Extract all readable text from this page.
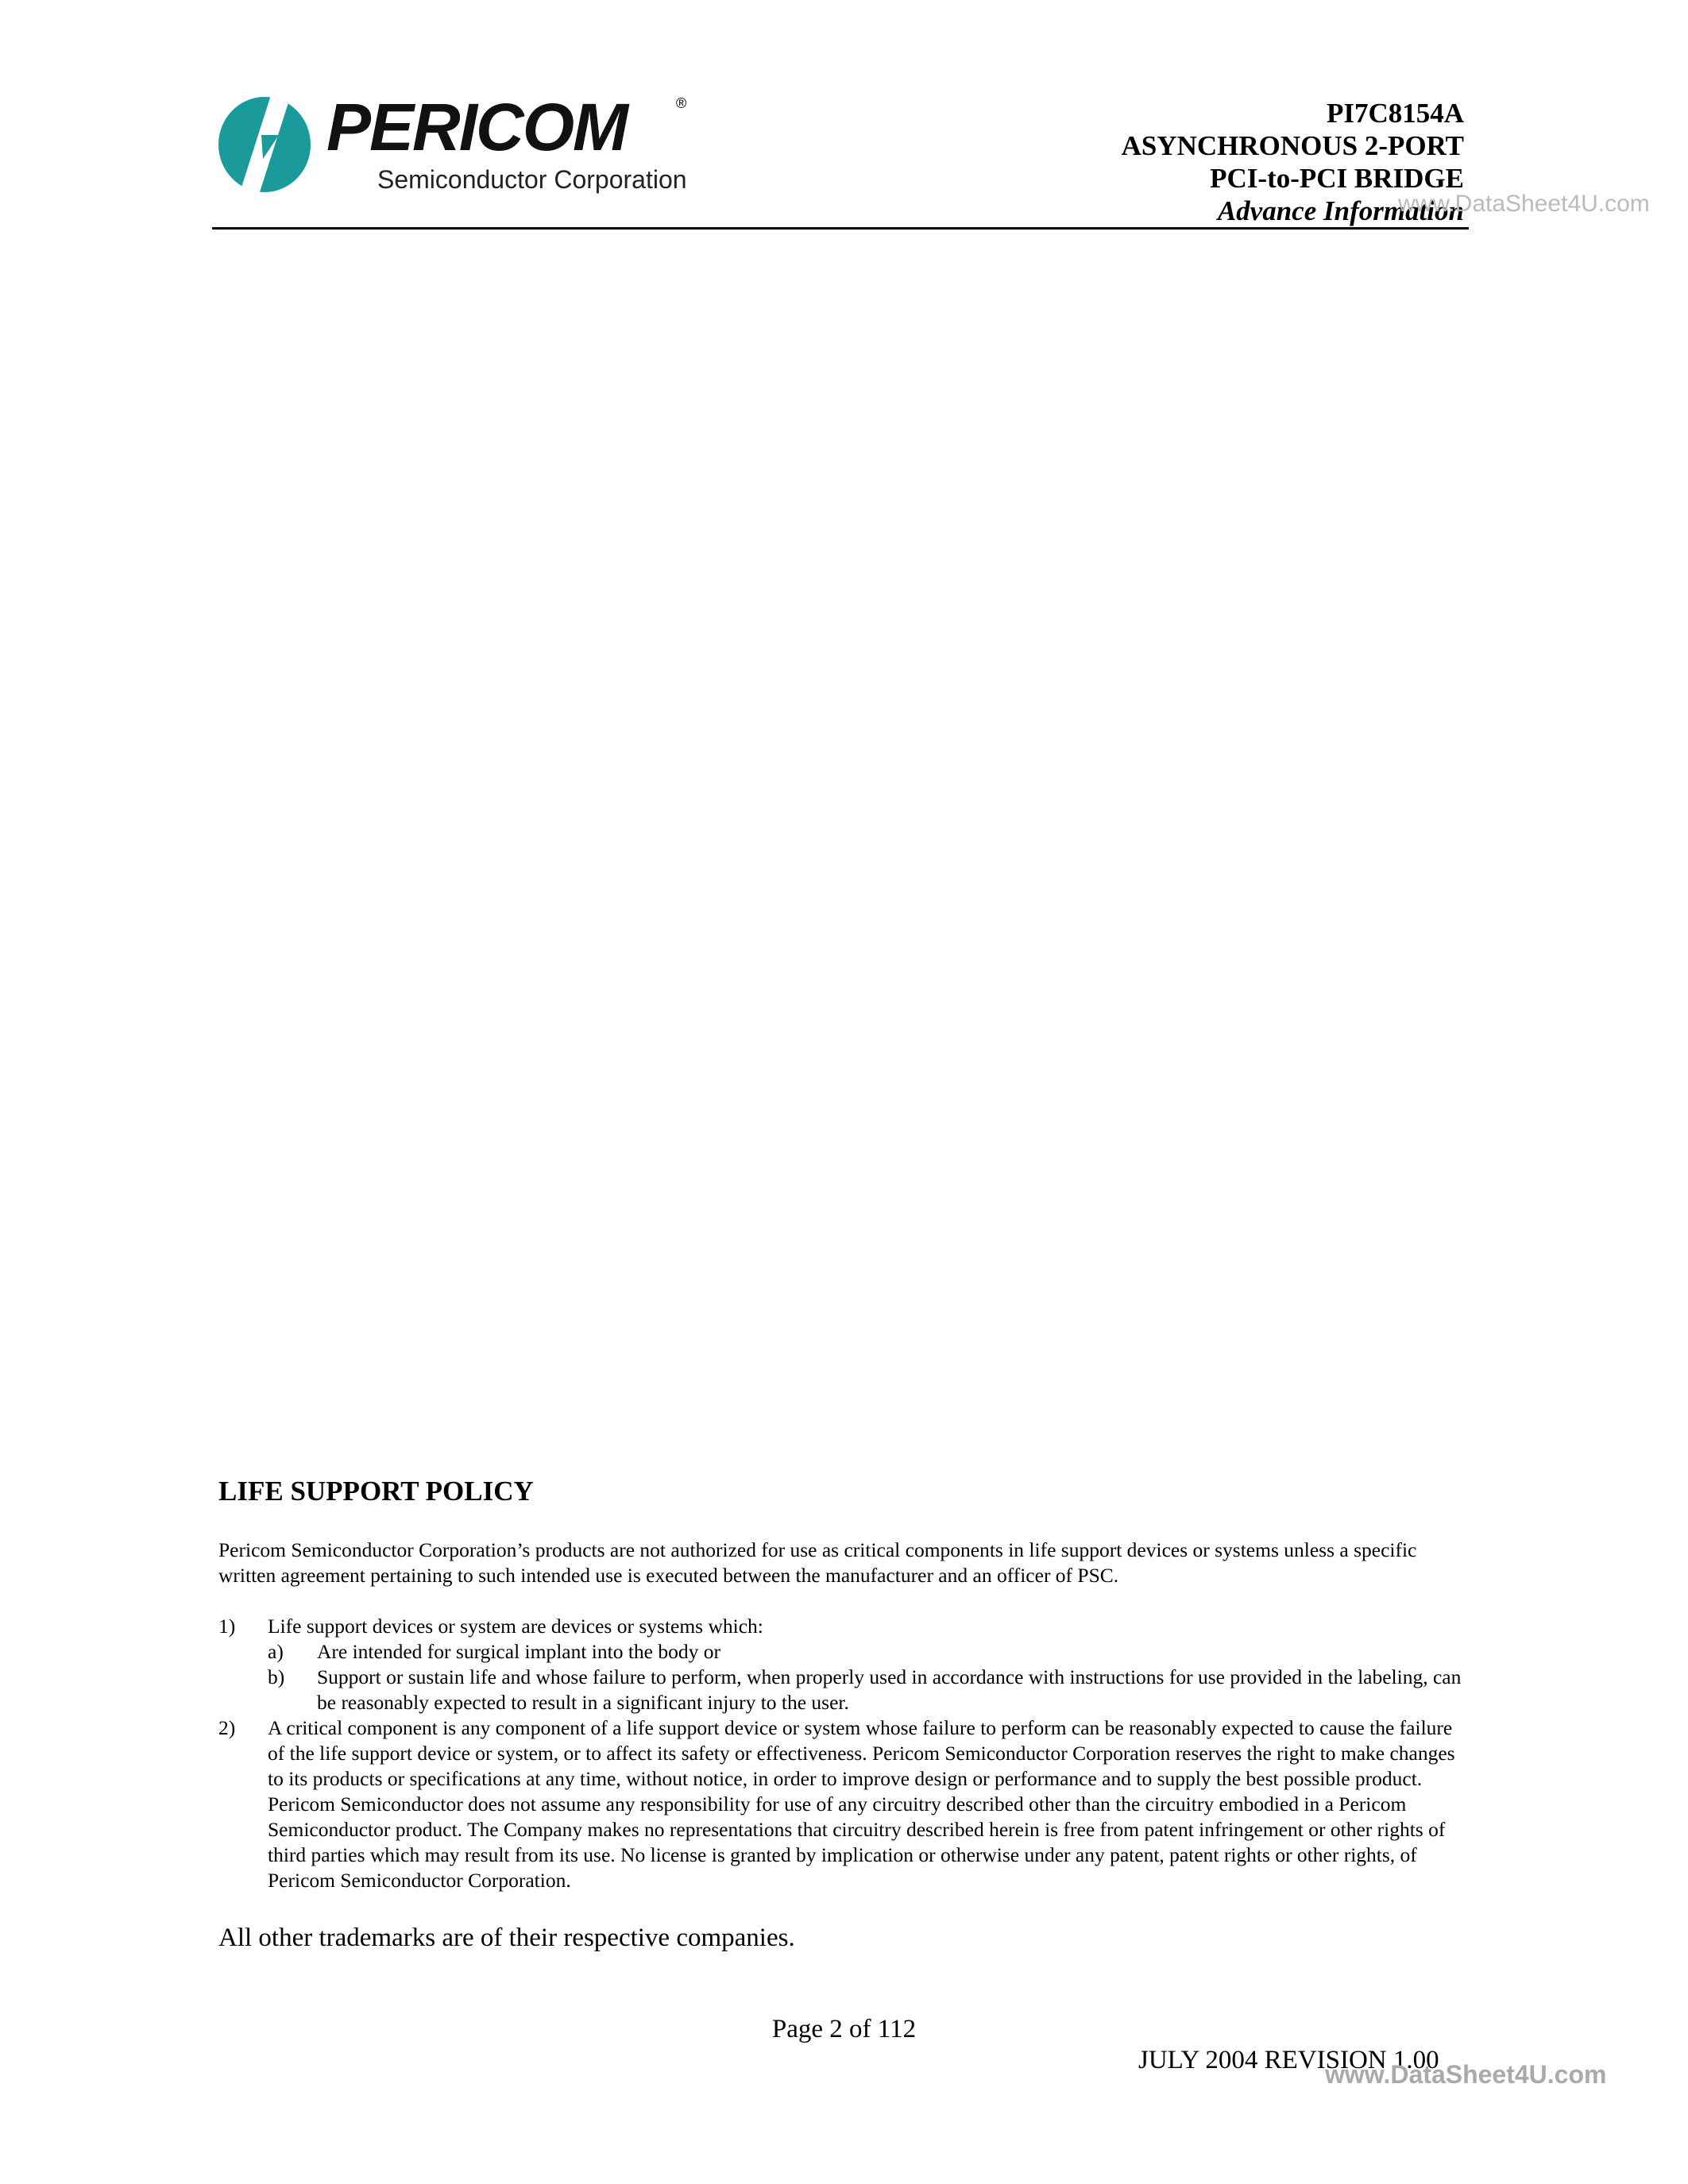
PERICOM	®
Semiconductor Corporation
PI7C8154A
ASYNCHRONOUS 2-PORT
PCI-to-PCI BRIDGE
Advance Information
www.DataSheet4U.com
LIFE SUPPORT POLICY

Pericom Semiconductor Corporation’s products are not authorized for use as critical components in life support devices or systems unless a specific written agreement pertaining to such intended use is executed between the manufacturer and an officer of PSC.

1) Life support devices or system are devices or systems which:
a) Are intended for surgical implant into the body or
b) Support or sustain life and whose failure to perform, when properly used in accordance with instructions for use provided in the labeling, can be reasonably expected to result in a significant injury to the user.
2) A critical component is any component of a life support device or system whose failure to perform can be reasonably expected to cause the failure of the life support device or system, or to affect its safety or effectiveness. Pericom Semiconductor Corporation reserves the right to make changes to its products or specifications at any time, without notice, in order to improve design or performance and to supply the best possible product. Pericom Semiconductor does not assume any responsibility for use of any circuitry described other than the circuitry embodied in a Pericom Semiconductor product. The Company makes no representations that circuitry described herein is free from patent infringement or other rights of third parties which may result from its use. No license is granted by implication or otherwise under any patent, patent rights or other rights, of Pericom Semiconductor Corporation.
All other trademarks are of their respective companies.
Page 2 of 112
JULY 2004 REVISION 1.00
www.DataSheet4U.com
